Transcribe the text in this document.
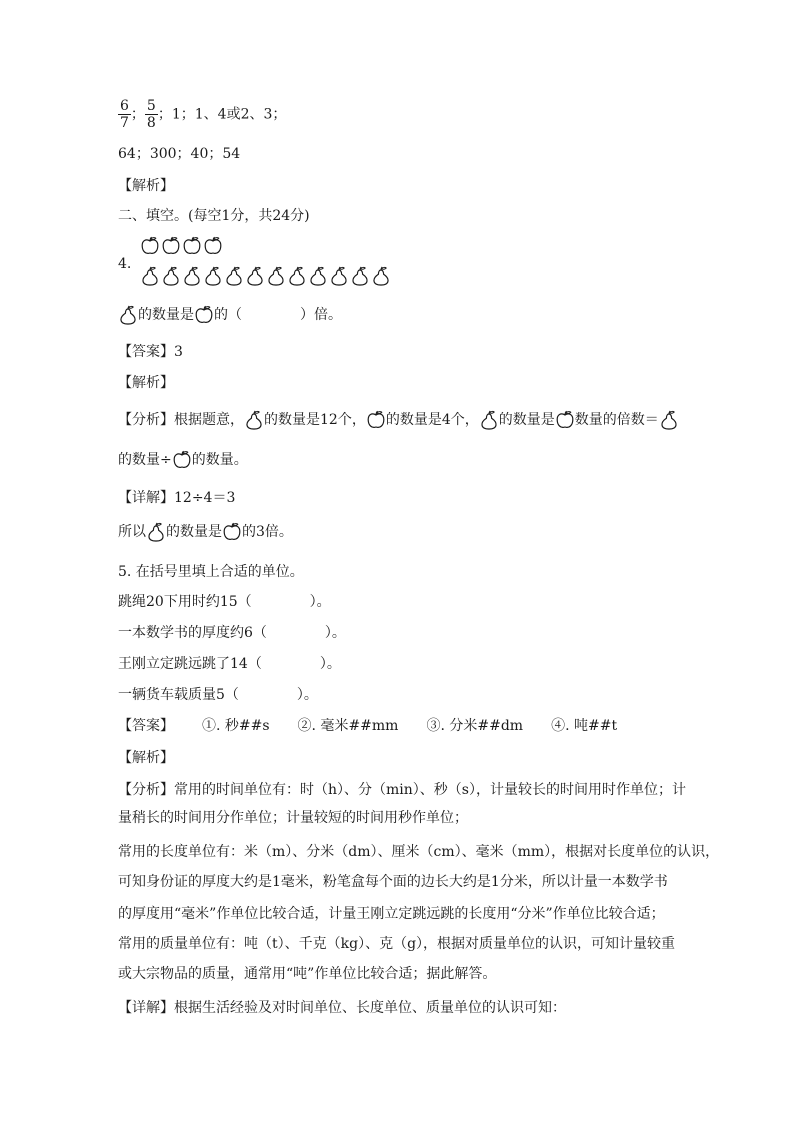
$\frac{6}{7}$ ； $\frac{5}{8}$ ；1；1、4或2、3；
64；300；40；54
【解析】
二、填空。(每空1分，共24分)
4.
的数量是 的（	）倍。
【答案】3
【解析】
【分析】根据题意， 的数量是12个， 的数量是4个， 的数量是 数量的倍数＝
的数量÷ 的数量。
【详解】12÷4＝3
所以 的数量是 的3倍。
5. 在括号里填上合适的单位。
跳绳20下用时约15（	）。
一本数学书的厚度约6（	）。
王刚立定跳远跳了14（	）。
一辆货车载质量5（	）。
【答案】 ①. 秒##s ②. 毫米##mm ③. 分米##dm ④. 吨##t
【解析】
【分析】常用的时间单位有：时（h）、分（min）、秒（s），计量较长的时间用时作单位；计
量稍长的时间用分作单位；计量较短的时间用秒作单位；
常用的长度单位有：米（m）、分米（dm）、厘米（cm）、毫米（mm），根据对长度单位的认识，
可知身份证的厚度大约是1毫米，粉笔盒每个面的边长大约是1分米，所以计量一本数学书
的厚度用“毫米”作单位比较合适，计量王刚立定跳远跳的长度用“分米”作单位比较合适；
常用的质量单位有：吨（t）、千克（kg）、克（g），根据对质量单位的认识，可知计量较重
或大宗物品的质量，通常用“吨”作单位比较合适；据此解答。
【详解】根据生活经验及对时间单位、长度单位、质量单位的认识可知：
